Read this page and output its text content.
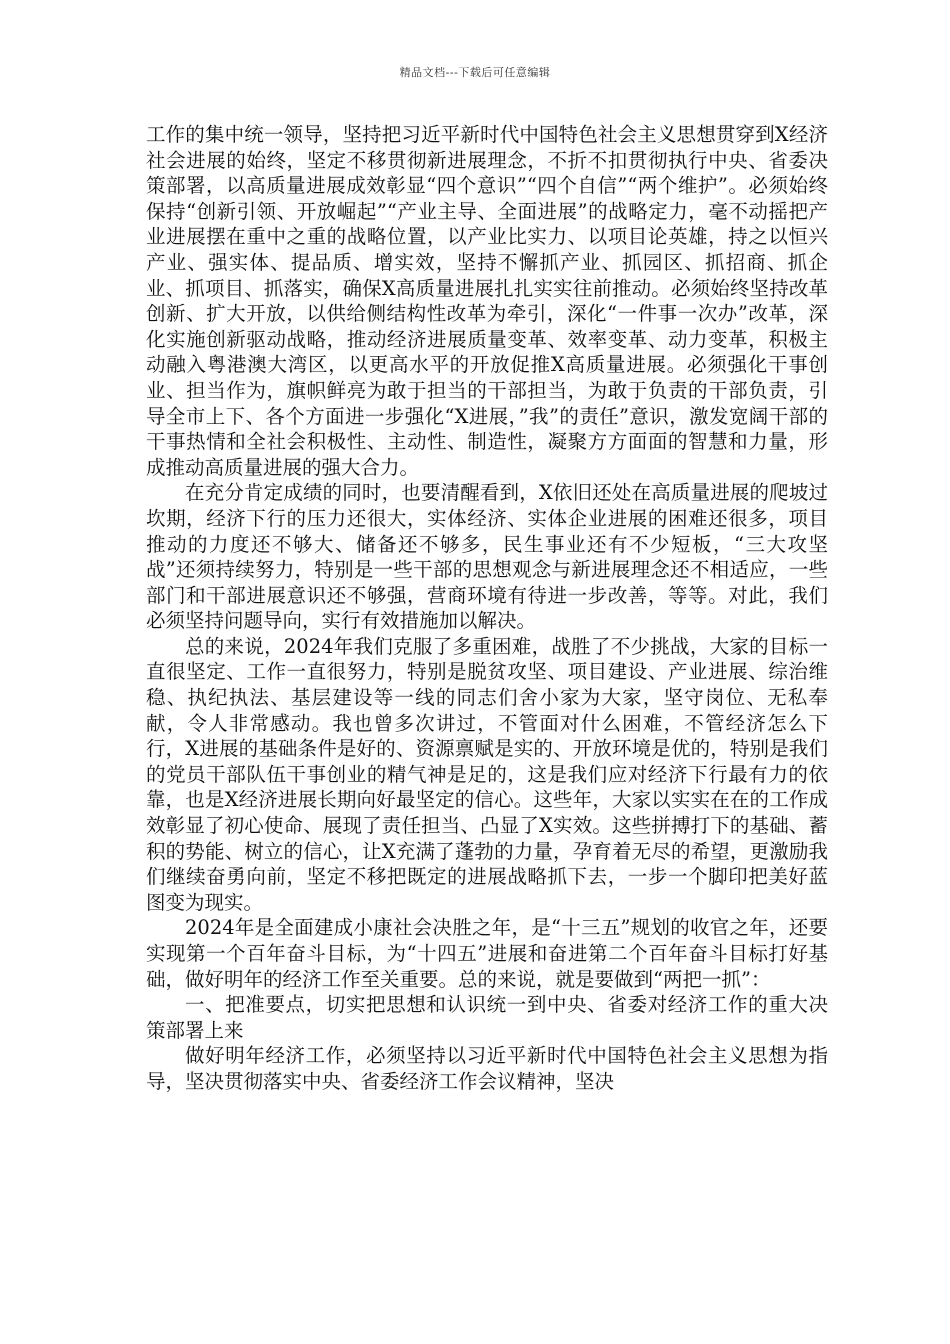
精品文档---下载后可任意编辑

工作的集中统一领导，坚持把习近平新时代中国特色社会主义思想贯穿到X经济社会进展的始终，坚定不移贯彻新进展理念，不折不扣贯彻执行中央、省委决策部署，以高质量进展成效彰显“四个意识”“四个自信”“两个维护”。必须始终保持“创新引领、开放崛起”“产业主导、全面进展”的战略定力，毫不动摇把产业进展摆在重中之重的战略位置，以产业比实力、以项目论英雄，持之以恒兴产业、强实体、提品质、增实效，坚持不懈抓产业、抓园区、抓招商、抓企业、抓项目、抓落实，确保X高质量进展扎扎实实往前推动。必须始终坚持改革创新、扩大开放，以供给侧结构性改革为牵引，深化“一件事一次办”改革，深化实施创新驱动战略，推动经济进展质量变革、效率变革、动力变革，积极主动融入粤港澳大湾区，以更高水平的开放促推X高质量进展。必须强化干事创业、担当作为，旗帜鲜亮为敢于担当的干部担当，为敢于负责的干部负责，引导全市上下、各个方面进一步强化“X进展，”我”的责任”意识，激发宽阔干部的干事热情和全社会积极性、主动性、制造性，凝聚方方面面的智慧和力量，形成推动高质量进展的强大合力。

在充分肯定成绩的同时，也要清醒看到，X依旧还处在高质量进展的爬坡过坎期，经济下行的压力还很大，实体经济、实体企业进展的困难还很多，项目推动的力度还不够大、储备还不够多，民生事业还有不少短板，“三大攻坚战”还须持续努力，特别是一些干部的思想观念与新进展理念还不相适应，一些部门和干部进展意识还不够强，营商环境有待进一步改善，等等。对此，我们必须坚持问题导向，实行有效措施加以解决。

总的来说，2024年我们克服了多重困难，战胜了不少挑战，大家的目标一直很坚定、工作一直很努力，特别是脱贫攻坚、项目建设、产业进展、综治维稳、执纪执法、基层建设等一线的同志们舍小家为大家，坚守岗位、无私奉献，令人非常感动。我也曾多次讲过，不管面对什么困难，不管经济怎么下行，X进展的基础条件是好的、资源禀赋是实的、开放环境是优的，特别是我们的党员干部队伍干事创业的精气神是足的，这是我们应对经济下行最有力的依靠，也是X经济进展长期向好最坚定的信心。这些年，大家以实实在在的工作成效彰显了初心使命、展现了责任担当、凸显了X实效。这些拼搏打下的基础、蓄积的势能、树立的信心，让X充满了蓬勃的力量，孕育着无尽的希望，更激励我们继续奋勇向前，坚定不移把既定的进展战略抓下去，一步一个脚印把美好蓝图变为现实。

2024年是全面建成小康社会决胜之年，是“十三五”规划的收官之年，还要实现第一个百年奋斗目标，为“十四五”进展和奋进第二个百年奋斗目标打好基础，做好明年的经济工作至关重要。总的来说，就是要做到“两把一抓”：

一、把准要点，切实把思想和认识统一到中央、省委对经济工作的重大决策部署上来

做好明年经济工作，必须坚持以习近平新时代中国特色社会主义思想为指导，坚决贯彻落实中央、省委经济工作会议精神，坚决
